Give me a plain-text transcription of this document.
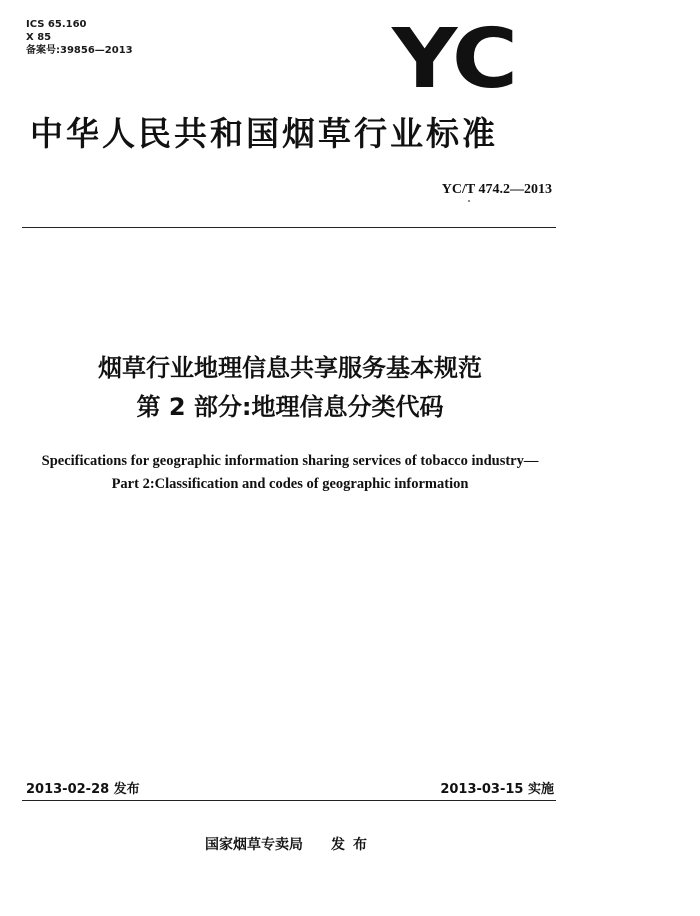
ICS 65.160
X 85
备案号:39856—2013	YC
中华人民共和国烟草行业标准
YC/T 474.2—2013
烟草行业地理信息共享服务基本规范
第 2 部分:地理信息分类代码
Specifications for geographic information sharing services of tobacco industry—
Part 2:Classification and codes of geographic information
2013-02-28 发布	2013-03-15 实施
国家烟草专卖局 发布
